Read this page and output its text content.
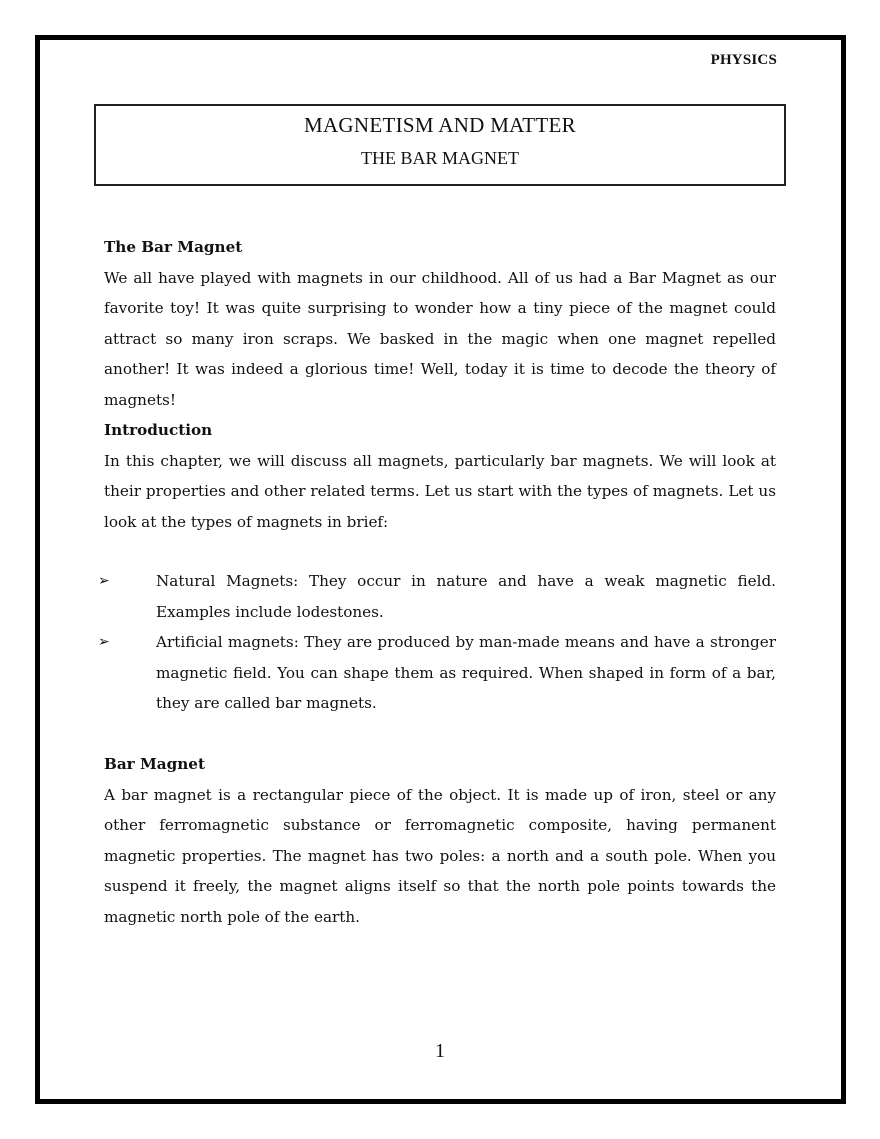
PHYSICS
MAGNETISM AND MATTER
THE BAR MAGNET
The Bar Magnet
We all have played with magnets in our childhood. All of us had a Bar Magnet as our favorite toy! It was quite surprising to wonder how a tiny piece of the magnet could attract so many iron scraps. We basked in the magic when one magnet repelled another! It was indeed a glorious time! Well, today it is time to decode the theory of magnets!
Introduction
In this chapter, we will discuss all magnets, particularly bar magnets. We will look at their properties and other related terms. Let us start with the types of magnets. Let us look at the types of magnets in brief:
➢	Natural Magnets: They occur in nature and have a weak magnetic field. Examples include lodestones.
➢	Artificial magnets: They are produced by man-made means and have a stronger magnetic field. You can shape them as required. When shaped in form of a bar, they are called bar magnets.
Bar Magnet
A bar magnet is a rectangular piece of the object. It is made up of iron, steel or any other ferromagnetic substance or ferromagnetic composite, having permanent magnetic properties. The magnet has two poles: a north and a south pole. When you suspend it freely, the magnet aligns itself so that the north pole points towards the magnetic north pole of the earth.
1
